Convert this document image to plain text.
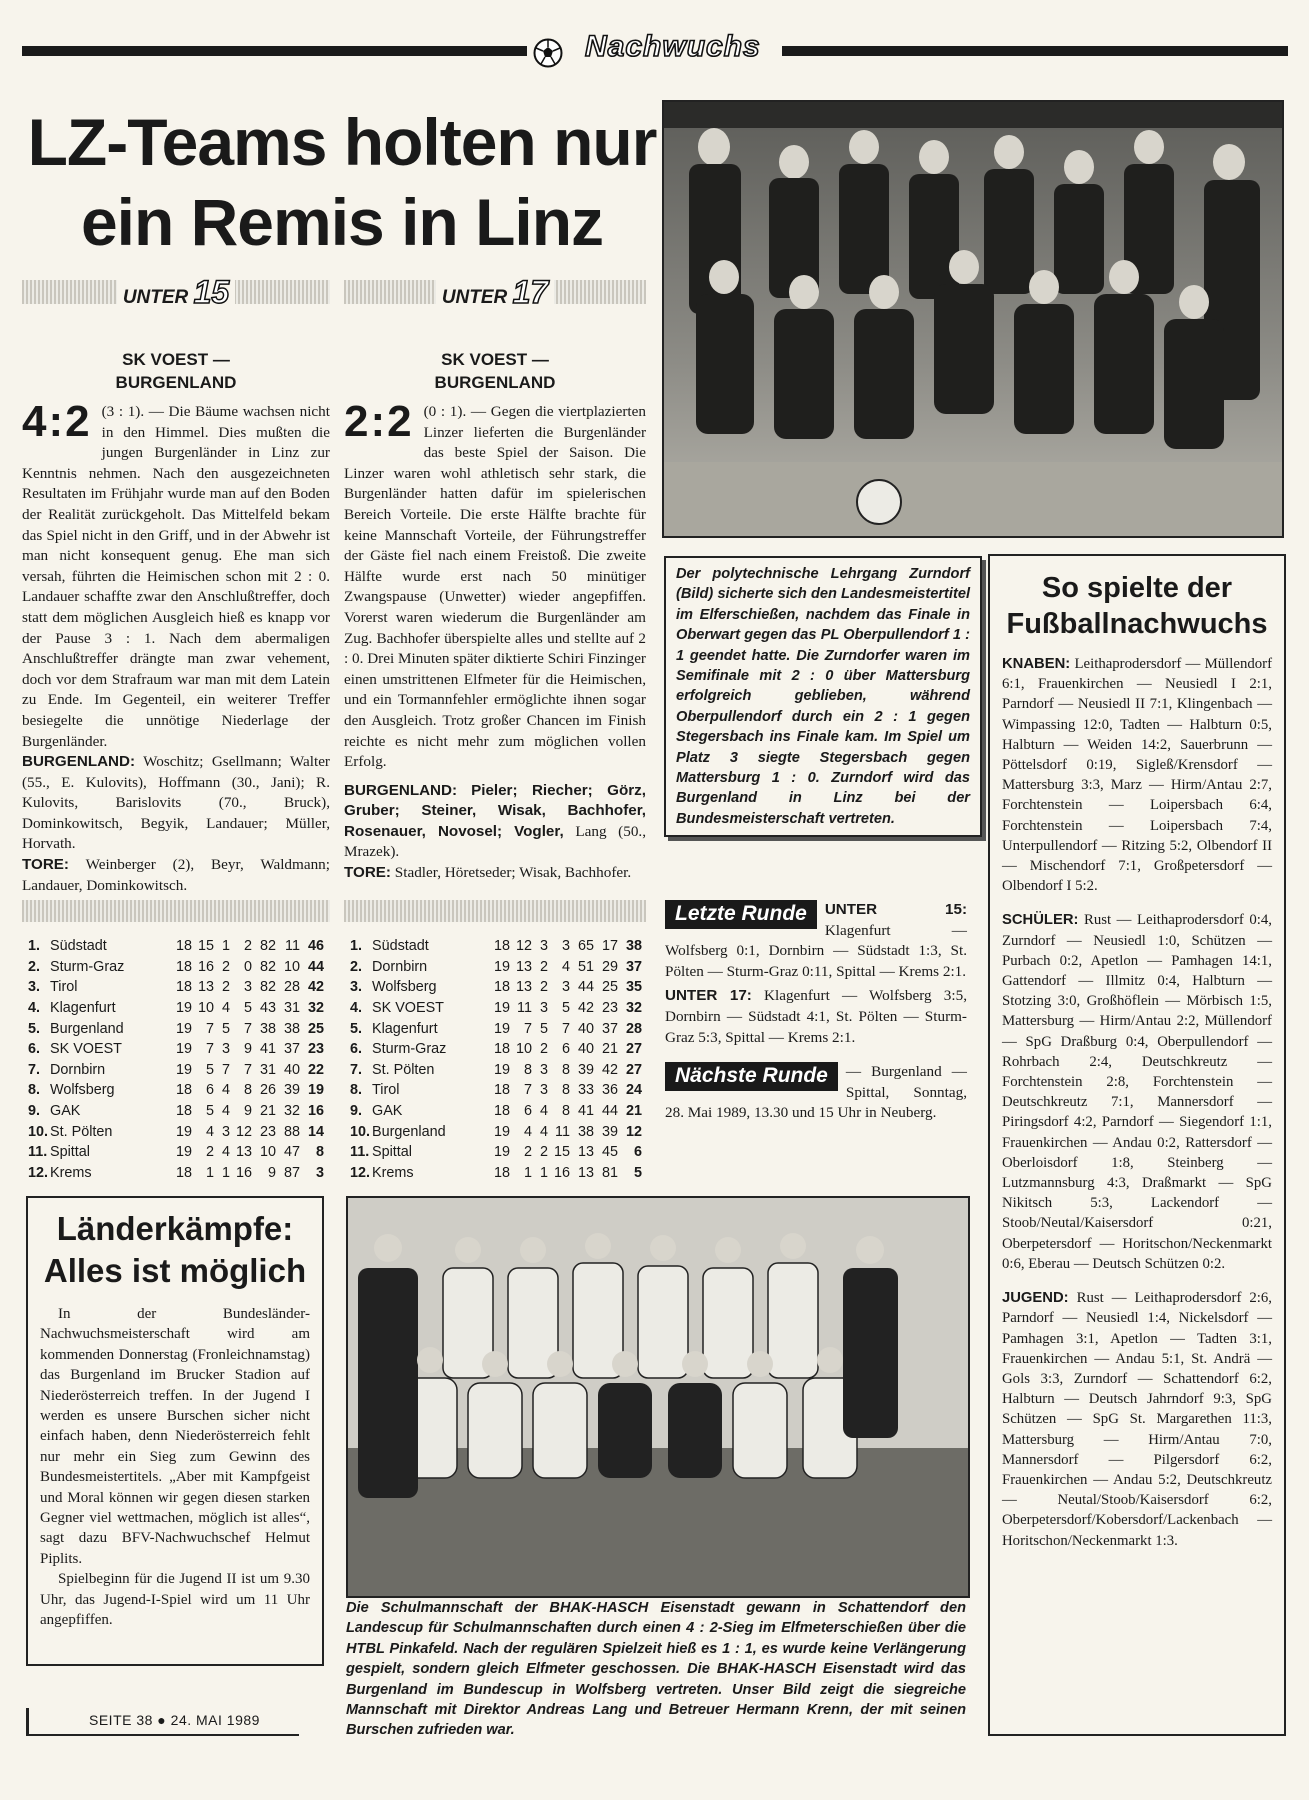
Nachwuchs
LZ-Teams holten nur
ein Remis in Linz
UNTER 15
SK VOEST —
BURGENLAND
4:2 (3 : 1). — Die Bäume wachsen nicht in den Himmel. Dies mußten die jungen Burgenländer in Linz zur Kenntnis nehmen. Nach den ausgezeichneten Resultaten im Frühjahr wurde man auf den Boden der Realität zurückgeholt. Das Mittelfeld bekam das Spiel nicht in den Griff, und in der Abwehr ist man nicht konsequent genug. Ehe man sich versah, führten die Heimischen schon mit 2 : 0. Landauer schaffte zwar den Anschlußtreffer, doch statt dem möglichen Ausgleich hieß es knapp vor der Pause 3 : 1. Nach dem abermaligen Anschlußtreffer drängte man zwar vehement, doch vor dem Strafraum war man mit dem Latein zu Ende. Im Gegenteil, ein weiterer Treffer besiegelte die unnötige Niederlage der Burgenländer.

BURGENLAND: Woschitz; Gsellmann; Walter (55., E. Kulovits), Hoffmann (30., Jani); R. Kulovits, Barislovits (70., Bruck), Dominkowitsch, Begyik, Landauer; Müller, Horvath.

TORE: Weinberger (2), Beyr, Waldmann; Landauer, Dominkowitsch.

UNTER 17
SK VOEST —
BURGENLAND
2:2 (0 : 1). — Gegen die viertplazierten Linzer lieferten die Burgenländer das beste Spiel der Saison. Die Linzer waren wohl athletisch sehr stark, die Burgenländer hatten dafür im spielerischen Bereich Vorteile. Die erste Hälfte brachte für keine Mannschaft Vorteile, der Führungstreffer der Gäste fiel nach einem Freistoß. Die zweite Hälfte wurde erst nach 50 minütiger Zwangspause (Unwetter) wieder angepfiffen. Vorerst waren wiederum die Burgenländer am Zug. Bachhofer überspielte alles und stellte auf 2 : 0. Drei Minuten später diktierte Schiri Finzinger einen umstrittenen Elfmeter für die Heimischen, und ein Tormannfehler ermöglichte ihnen sogar den Ausgleich. Trotz großer Chancen im Finish reichte es nicht mehr zum möglichen vollen Erfolg.

BURGENLAND: Pieler; Riecher; Görz, Gruber; Steiner, Wisak, Bachhofer, Rosenauer, Novosel; Vogler, Lang (50., Mrazek).

TORE: Stadler, Höretseder; Wisak, Bachhofer.

1.	Südstadt	18	15	1	2	82	11	46
2.	Sturm-Graz	18	16	2	0	82	10	44
3.	Tirol	18	13	2	3	82	28	42
4.	Klagenfurt	19	10	4	5	43	31	32
5.	Burgenland	19	7	5	7	38	38	25
6.	SK VOEST	19	7	3	9	41	37	23
7.	Dornbirn	19	5	7	7	31	40	22
8.	Wolfsberg	18	6	4	8	26	39	19
9.	GAK	18	5	4	9	21	32	16
10.	St. Pölten	19	4	3	12	23	88	14
11.	Spittal	19	2	4	13	10	47	8
12.	Krems	18	1	1	16	9	87	3
1.	Südstadt	18	12	3	3	65	17	38
2.	Dornbirn	19	13	2	4	51	29	37
3.	Wolfsberg	18	13	2	3	44	25	35
4.	SK VOEST	19	11	3	5	42	23	32
5.	Klagenfurt	19	7	5	7	40	37	28
6.	Sturm-Graz	18	10	2	6	40	21	27
7.	St. Pölten	19	8	3	8	39	42	27
8.	Tirol	18	7	3	8	33	36	24
9.	GAK	18	6	4	8	41	44	21
10.	Burgenland	19	4	4	11	38	39	12
11.	Spittal	19	2	2	15	13	45	6
12.	Krems	18	1	1	16	13	81	5
Der polytechnische Lehrgang Zurndorf (Bild) sicherte sich den Landesmeistertitel im Elferschießen, nachdem das Finale in Oberwart gegen das PL Oberpullendorf 1 : 1 geendet hatte. Die Zurndorfer waren im Semifinale mit 2 : 0 über Mattersburg erfolgreich geblieben, während Oberpullendorf durch ein 2 : 1 gegen Stegersbach ins Finale kam. Im Spiel um Platz 3 siegte Stegersbach gegen Mattersburg 1 : 0. Zurndorf wird das Burgenland in Linz bei der Bundesmeisterschaft vertreten.
Letzte Runde	UNTER 15: Klagenfurt — Wolfsberg 0:1, Dornbirn — Südstadt 1:3, St. Pölten — Sturm-Graz 0:11, Spittal — Krems 2:1.

UNTER 17: Klagenfurt — Wolfsberg 3:5, Dornbirn — Südstadt 4:1, St. Pölten — Sturm-Graz 5:3, Spittal — Krems 2:1.

Nächste Runde	— Burgenland — Spittal, Sonntag, 28. Mai 1989, 13.30 und 15 Uhr in Neuberg.

Länderkämpfe:
Alles ist möglich

In der Bundesländer-Nachwuchsmeisterschaft wird am kommenden Donnerstag (Fronleichnamstag) das Burgenland im Brucker Stadion auf Niederösterreich treffen. In der Jugend I werden es unsere Burschen sicher nicht einfach haben, denn Niederösterreich fehlt nur mehr ein Sieg zum Gewinn des Bundesmeistertitels. „Aber mit Kampfgeist und Moral können wir gegen diesen starken Gegner viel wettmachen, möglich ist alles“, sagt dazu BFV-Nachwuchschef Helmut Piplits.

Spielbeginn für die Jugend II ist um 9.30 Uhr, das Jugend-I-Spiel wird um 11 Uhr angepfiffen.

Die Schulmannschaft der BHAK-HASCH Eisenstadt gewann in Schattendorf den Landescup für Schulmannschaften durch einen 4 : 2-Sieg im Elfmeterschießen über die HTBL Pinkafeld. Nach der regulären Spielzeit hieß es 1 : 1, es wurde keine Verlängerung gespielt, sondern gleich Elfmeter geschossen. Die BHAK-HASCH Eisenstadt wird das Burgenland im Bundescup in Wolfsberg vertreten. Unser Bild zeigt die siegreiche Mannschaft mit Direktor Andreas Lang und Betreuer Hermann Krenn, der mit seinen Burschen zufrieden war.
So spielte der
Fußballnachwuchs

KNABEN: Leithaprodersdorf — Müllendorf 6:1, Frauenkirchen — Neusiedl I 2:1, Parndorf — Neusiedl II 7:1, Klingenbach — Wimpassing 12:0, Tadten — Halbturn 0:5, Halbturn — Weiden 14:2, Sauerbrunn — Pöttelsdorf 0:19, Sigleß/Krensdorf — Mattersburg 3:3, Marz — Hirm/Antau 2:7, Forchtenstein — Loipersbach 6:4, Forchtenstein — Loipersbach 7:4, Unterpullendorf — Ritzing 5:2, Olbendorf II — Mischendorf 7:1, Großpetersdorf — Olbendorf I 5:2.

SCHÜLER: Rust — Leithaprodersdorf 0:4, Zurndorf — Neusiedl 1:0, Schützen — Purbach 0:2, Apetlon — Pamhagen 14:1, Gattendorf — Illmitz 0:4, Halbturn — Stotzing 3:0, Großhöflein — Mörbisch 1:5, Mattersburg — Hirm/Antau 2:2, Müllendorf — SpG Draßburg 0:4, Oberpullendorf — Rohrbach 2:4, Deutschkreutz — Forchtenstein 2:8, Forchtenstein — Deutschkreutz 7:1, Mannersdorf — Piringsdorf 4:2, Parndorf — Siegendorf 1:1, Frauenkirchen — Andau 0:2, Rattersdorf — Oberloisdorf 1:8, Steinberg — Lutzmannsburg 4:3, Draßmarkt — SpG Nikitsch 5:3, Lackendorf — Stoob/Neutal/Kaisersdorf 0:21, Oberpetersdorf — Horitschon/Neckenmarkt 0:6, Eberau — Deutsch Schützen 0:2.

JUGEND: Rust — Leithaprodersdorf 2:6, Parndorf — Neusiedl 1:4, Nickelsdorf — Pamhagen 3:1, Apetlon — Tadten 3:1, Frauenkirchen — Andau 5:1, St. Andrä — Gols 3:3, Zurndorf — Schattendorf 6:2, Halbturn — Deutsch Jahrndorf 9:3, SpG Schützen — SpG St. Margarethen 11:3, Mattersburg — Hirm/Antau 7:0, Mannersdorf — Pilgersdorf 6:2, Frauenkirchen — Andau 5:2, Deutschkreutz — Neutal/Stoob/Kaisersdorf 6:2, Oberpetersdorf/Kobersdorf/Lackenbach — Horitschon/Neckenmarkt 1:3.

SEITE 38 ● 24. MAI 1989
